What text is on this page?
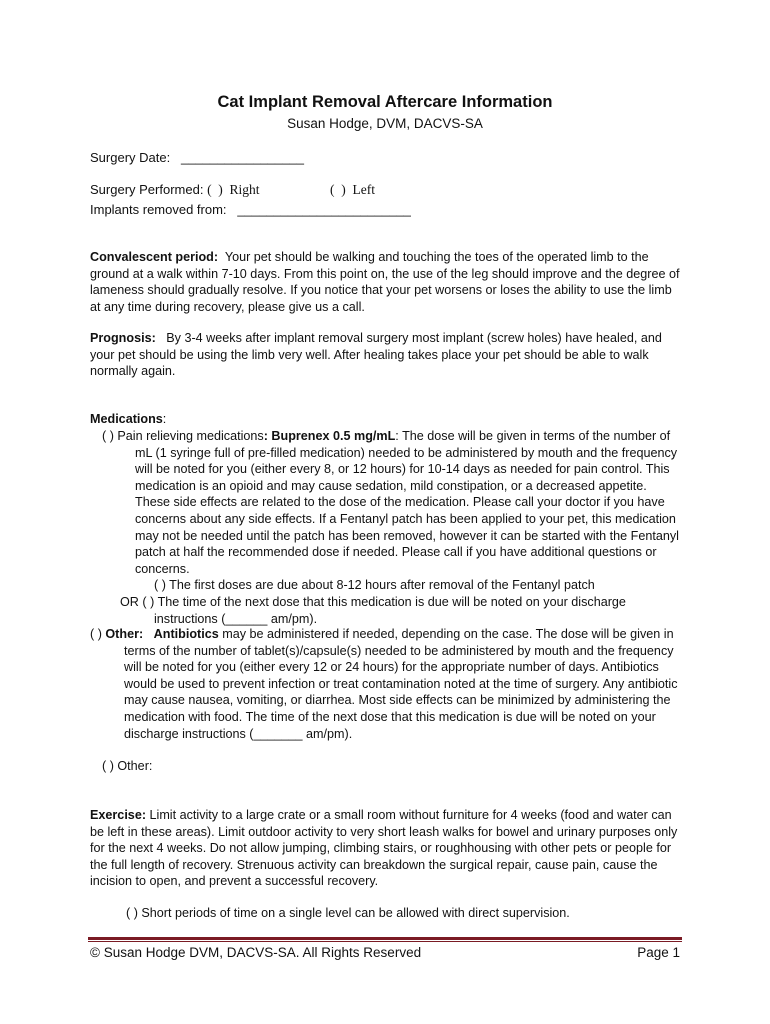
Cat Implant Removal Aftercare Information
Susan Hodge, DVM, DACVS-SA
Surgery Date: _________________
Surgery Performed: (  )  Right	(  )  Left
Implants removed from: ________________________
Convalescent period: Your pet should be walking and touching the toes of the operated limb to the ground at a walk within 7-10 days. From this point on, the use of the leg should improve and the degree of lameness should gradually resolve. If you notice that your pet worsens or loses the ability to use the limb at any time during recovery, please give us a call.
Prognosis: By 3-4 weeks after implant removal surgery most implant (screw holes) have healed, and your pet should be using the limb very well. After healing takes place your pet should be able to walk normally again.
Medications:
( ) Pain relieving medications: Buprenex 0.5 mg/mL: The dose will be given in terms of the number of mL (1 syringe full of pre-filled medication) needed to be administered by mouth and the frequency will be noted for you (either every 8, or 12 hours) for 10-14 days as needed for pain control. This medication is an opioid and may cause sedation, mild constipation, or a decreased appetite. These side effects are related to the dose of the medication. Please call your doctor if you have concerns about any side effects. If a Fentanyl patch has been applied to your pet, this medication may not be needed until the patch has been removed, however it can be started with the Fentanyl patch at half the recommended dose if needed. Please call if you have additional questions or concerns.
( ) The first doses are due about 8-12 hours after removal of the Fentanyl patch
OR ( ) The time of the next dose that this medication is due will be noted on your discharge instructions (______ am/pm).
( ) Other: Antibiotics may be administered if needed, depending on the case. The dose will be given in terms of the number of tablet(s)/capsule(s) needed to be administered by mouth and the frequency will be noted for you (either every 12 or 24 hours) for the appropriate number of days. Antibiotics would be used to prevent infection or treat contamination noted at the time of surgery. Any antibiotic may cause nausea, vomiting, or diarrhea. Most side effects can be minimized by administering the medication with food. The time of the next dose that this medication is due will be noted on your discharge instructions (_______ am/pm).
( ) Other:
Exercise: Limit activity to a large crate or a small room without furniture for 4 weeks (food and water can be left in these areas). Limit outdoor activity to very short leash walks for bowel and urinary purposes only for the next 4 weeks. Do not allow jumping, climbing stairs, or roughhousing with other pets or people for the full length of recovery. Strenuous activity can breakdown the surgical repair, cause pain, cause the incision to open, and prevent a successful recovery.
( ) Short periods of time on a single level can be allowed with direct supervision.
© Susan Hodge DVM, DACVS-SA. All Rights Reserved	Page 1
